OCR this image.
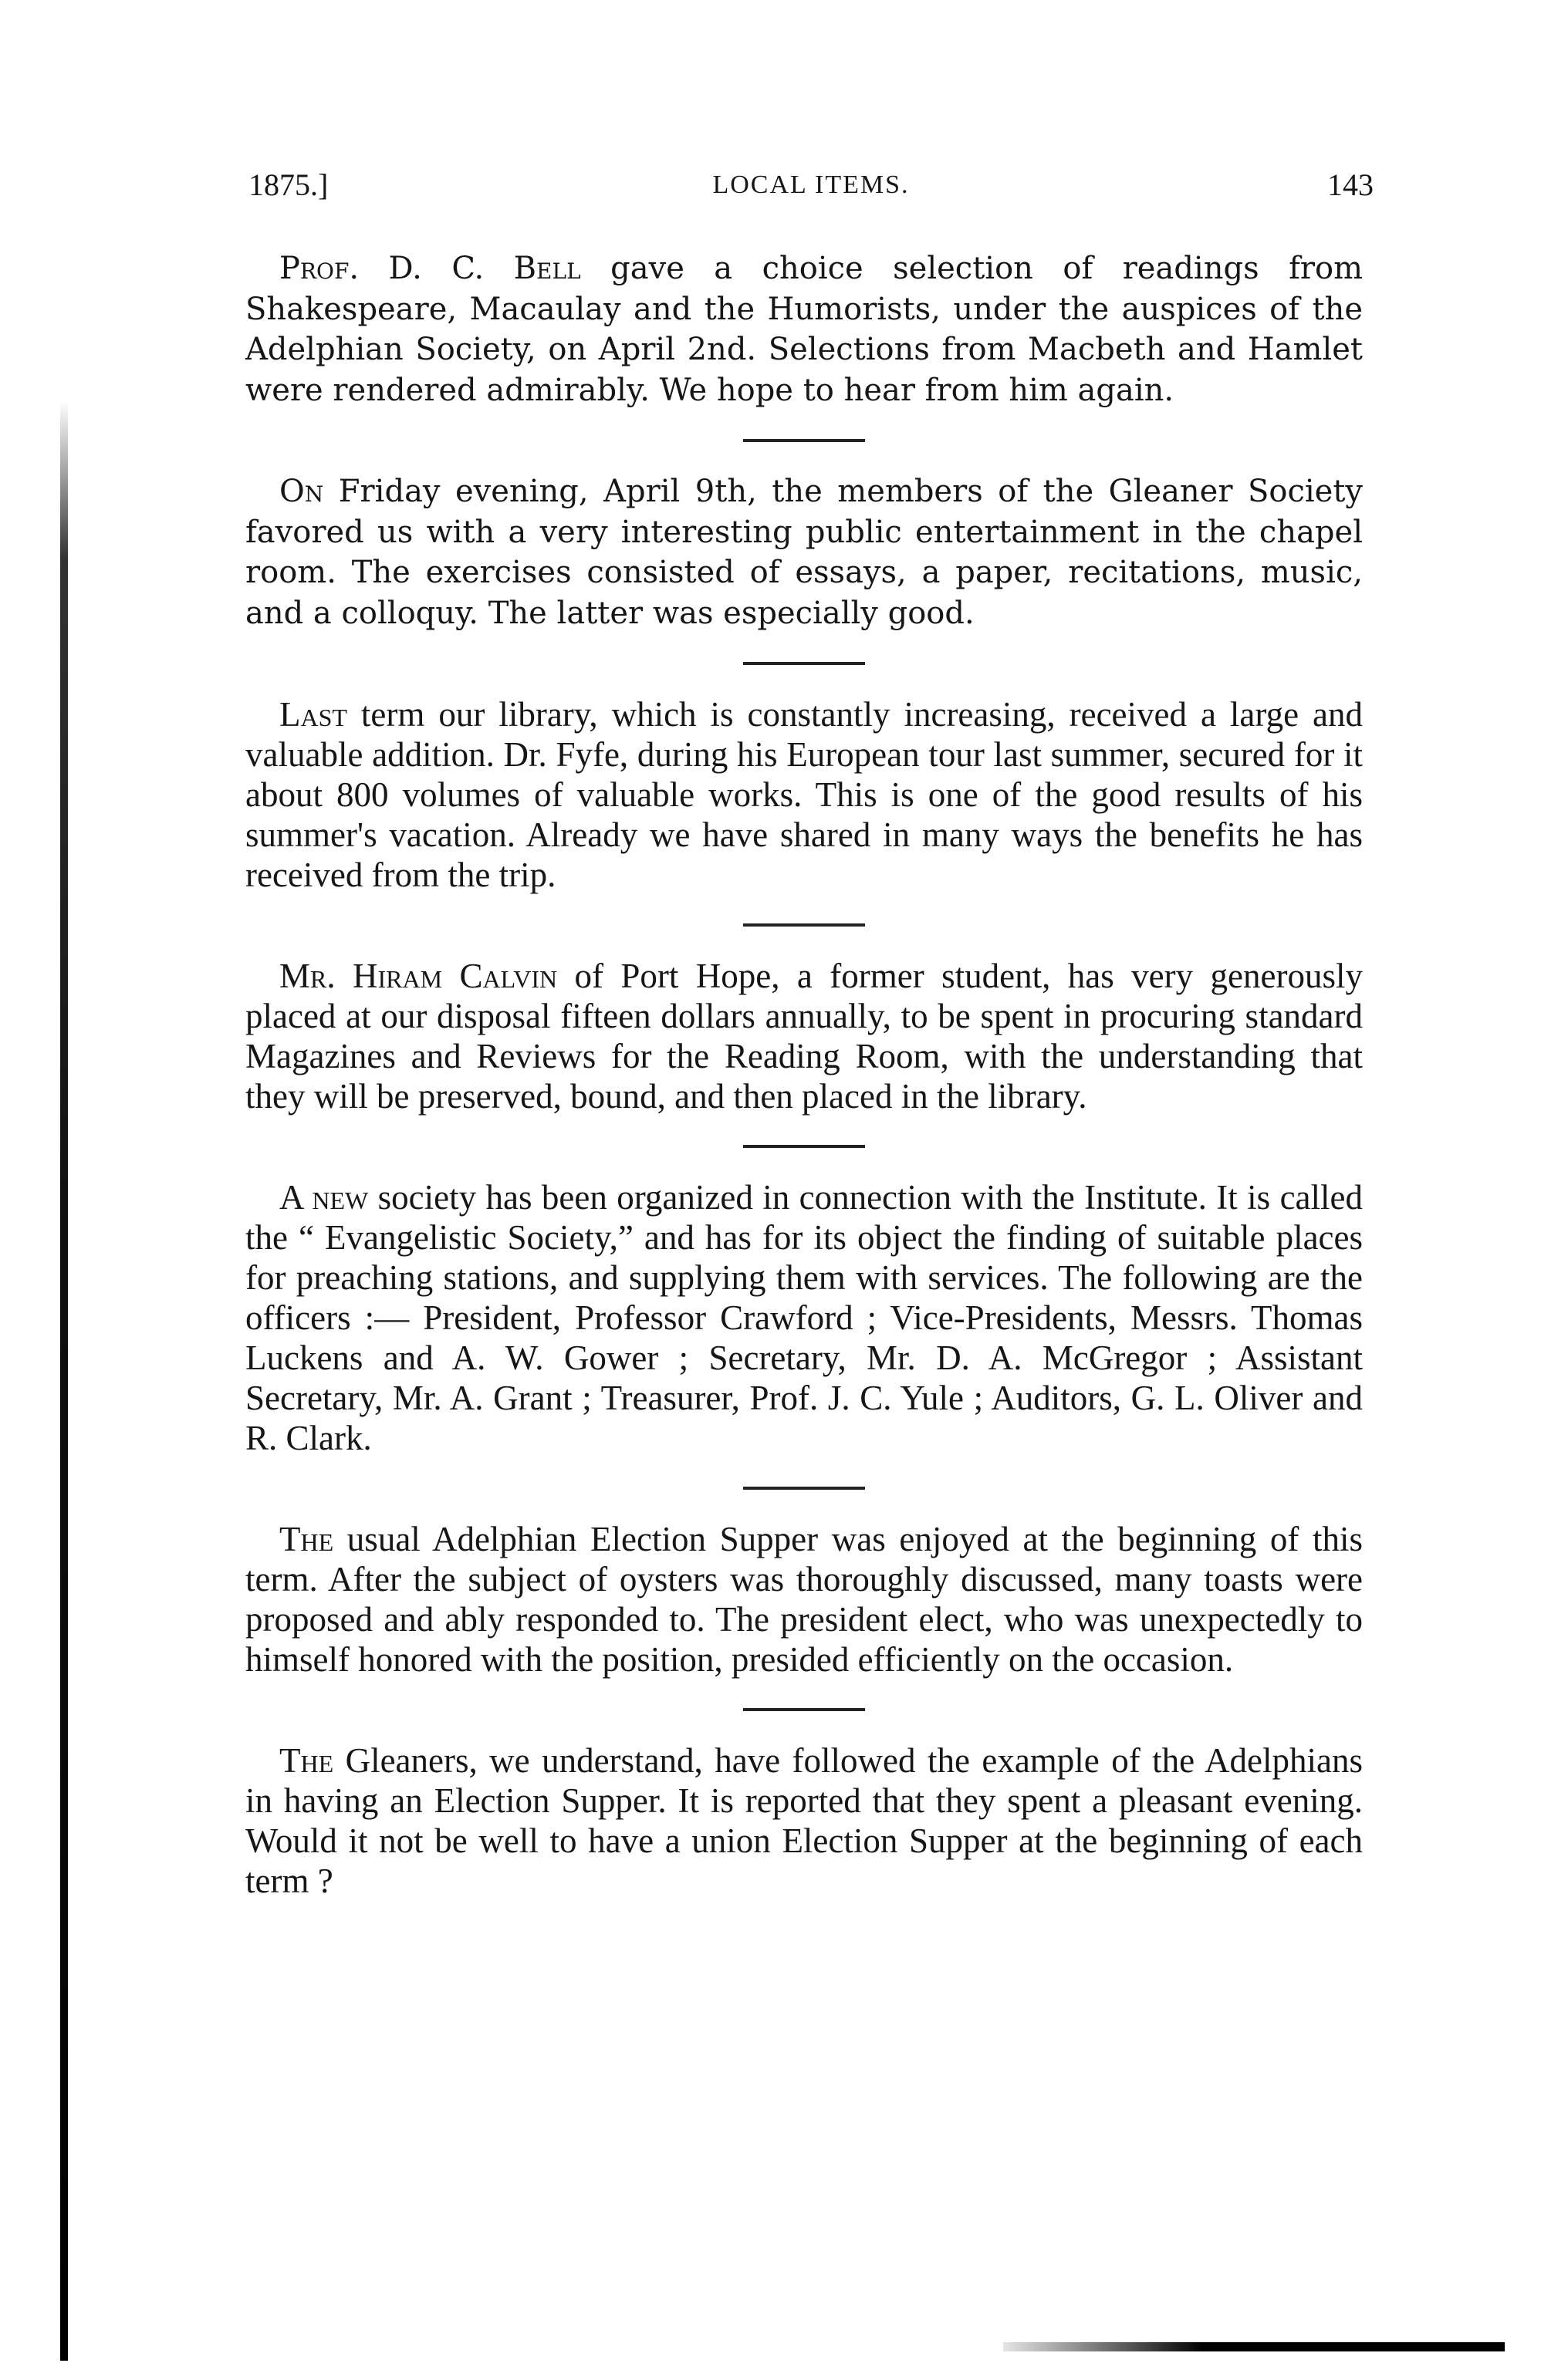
1875.]	LOCAL ITEMS.	143

Prof. D. C. Bell gave a choice selection of readings from Shakespeare, Macaulay and the Humorists, under the auspices of the Adelphian Society, on April 2nd. Selections from Macbeth and Hamlet were rendered admirably. We hope to hear from him again.

On Friday evening, April 9th, the members of the Gleaner Society favored us with a very interesting public entertainment in the chapel room. The exercises consisted of essays, a paper, recitations, music, and a colloquy. The latter was especially good.

Last term our library, which is constantly increasing, received a large and valuable addition. Dr. Fyfe, during his European tour last summer, secured for it about 800 volumes of valuable works. This is one of the good results of his summer's vacation. Already we have shared in many ways the benefits he has received from the trip.

Mr. Hiram Calvin of Port Hope, a former student, has very generously placed at our disposal fifteen dollars annually, to be spent in procuring standard Magazines and Reviews for the Reading Room, with the understanding that they will be preserved, bound, and then placed in the library.

A new society has been organized in connection with the Institute. It is called the “ Evangelistic Society,” and has for its object the finding of suitable places for preaching stations, and supplying them with services. The following are the officers :— President, Professor Crawford ; Vice-Presidents, Messrs. Thomas Luckens and A. W. Gower ; Secretary, Mr. D. A. McGregor ; Assistant Secretary, Mr. A. Grant ; Treasurer, Prof. J. C. Yule ; Auditors, G. L. Oliver and R. Clark.

The usual Adelphian Election Supper was enjoyed at the beginning of this term. After the subject of oysters was thoroughly discussed, many toasts were proposed and ably responded to. The president elect, who was unexpectedly to himself honored with the position, presided efficiently on the occasion.

The Gleaners, we understand, have followed the example of the Adelphians in having an Election Supper. It is reported that they spent a pleasant evening. Would it not be well to have a union Election Supper at the beginning of each term ?
